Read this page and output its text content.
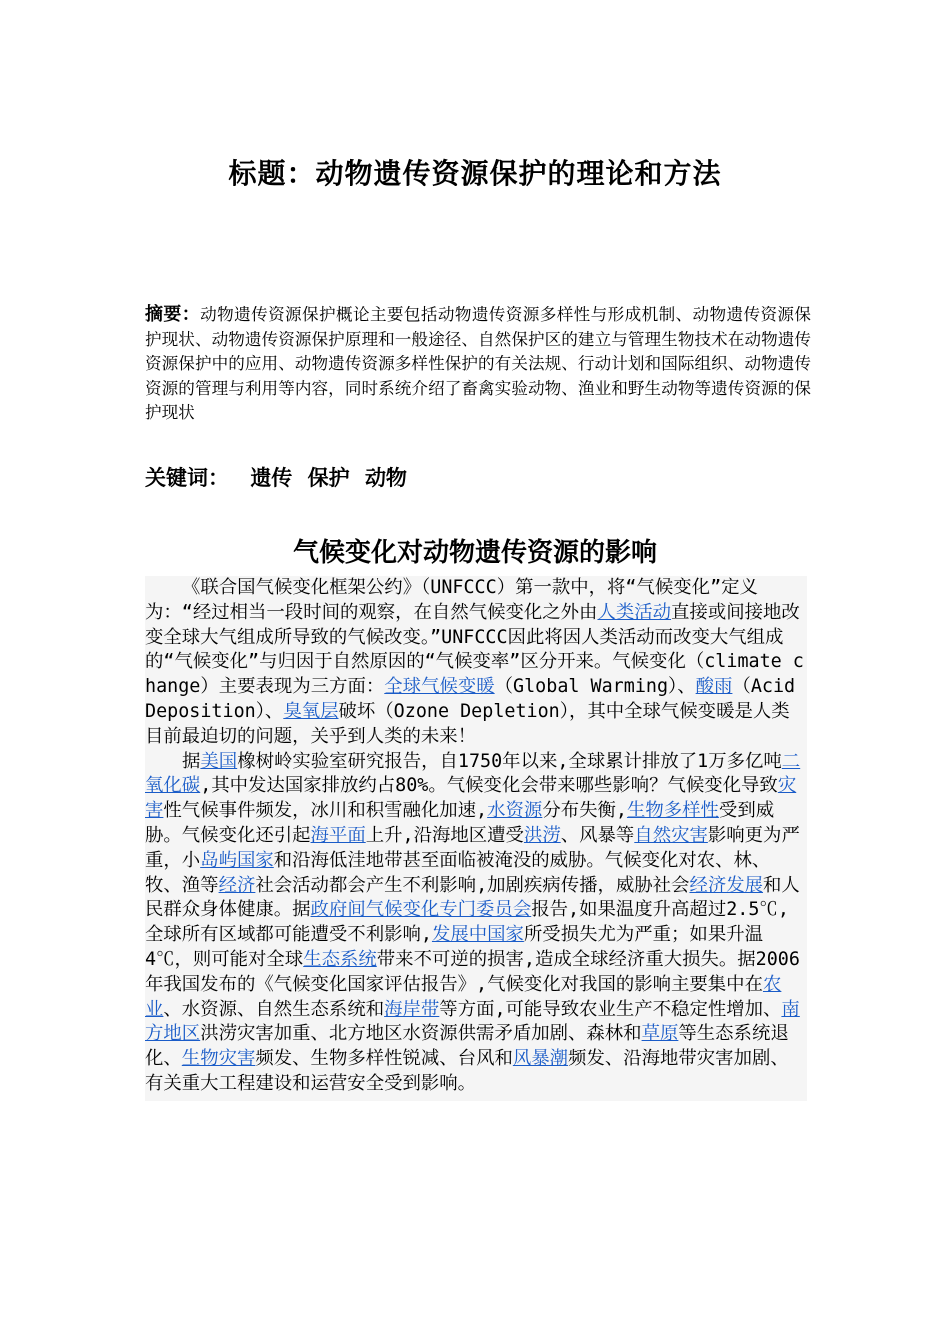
标题：动物遗传资源保护的理论和方法
摘要：动物遗传资源保护概论主要包括动物遗传资源多样性与形成机制、动物遗传资源保护现状、动物遗传资源保护原理和一般途径、自然保护区的建立与管理生物技术在动物遗传资源保护中的应用、动物遗传资源多样性保护的有关法规、行动计划和国际组织、动物遗传资源的管理与利用等内容，同时系统介绍了畜禽实验动物、渔业和野生动物等遗传资源的保护现状
关键词： 遗传 保护 动物
气候变化对动物遗传资源的影响

《联合国气候变化框架公约》（UNFCCC）第一款中，将“气候变化”定义为：“经过相当一段时间的观察，在自然气候变化之外由人类活动直接或间接地改变全球大气组成所导致的气候改变。”UNFCCC因此将因人类活动而改变大气组成的“气候变化”与归因于自然原因的“气候变率”区分开来。气候变化（climate change）主要表现为三方面：全球气候变暖（Global Warming）、酸雨（Acid Deposition）、臭氧层破坏（Ozone Depletion），其中全球气候变暖是人类目前最迫切的问题，关乎到人类的未来！

据美国橡树岭实验室研究报告，自1750年以来,全球累计排放了1万多亿吨二氧化碳,其中发达国家排放约占80%。气候变化会带来哪些影响？气候变化导致灾害性气候事件频发，冰川和积雪融化加速,水资源分布失衡,生物多样性受到威胁。气候变化还引起海平面上升,沿海地区遭受洪涝、风暴等自然灾害影响更为严重，小岛屿国家和沿海低洼地带甚至面临被淹没的威胁。气候变化对农、林、牧、渔等经济社会活动都会产生不利影响,加剧疾病传播，威胁社会经济发展和人民群众身体健康。据政府间气候变化专门委员会报告,如果温度升高超过2.5℃,全球所有区域都可能遭受不利影响,发展中国家所受损失尤为严重；如果升温4℃，则可能对全球生态系统带来不可逆的损害,造成全球经济重大损失。据2006年我国发布的《气候变化国家评估报告》,气候变化对我国的影响主要集中在农业、水资源、自然生态系统和海岸带等方面,可能导致农业生产不稳定性增加、南方地区洪涝灾害加重、北方地区水资源供需矛盾加剧、森林和草原等生态系统退化、生物灾害频发、生物多样性锐减、台风和风暴潮频发、沿海地带灾害加剧、有关重大工程建设和运营安全受到影响。
